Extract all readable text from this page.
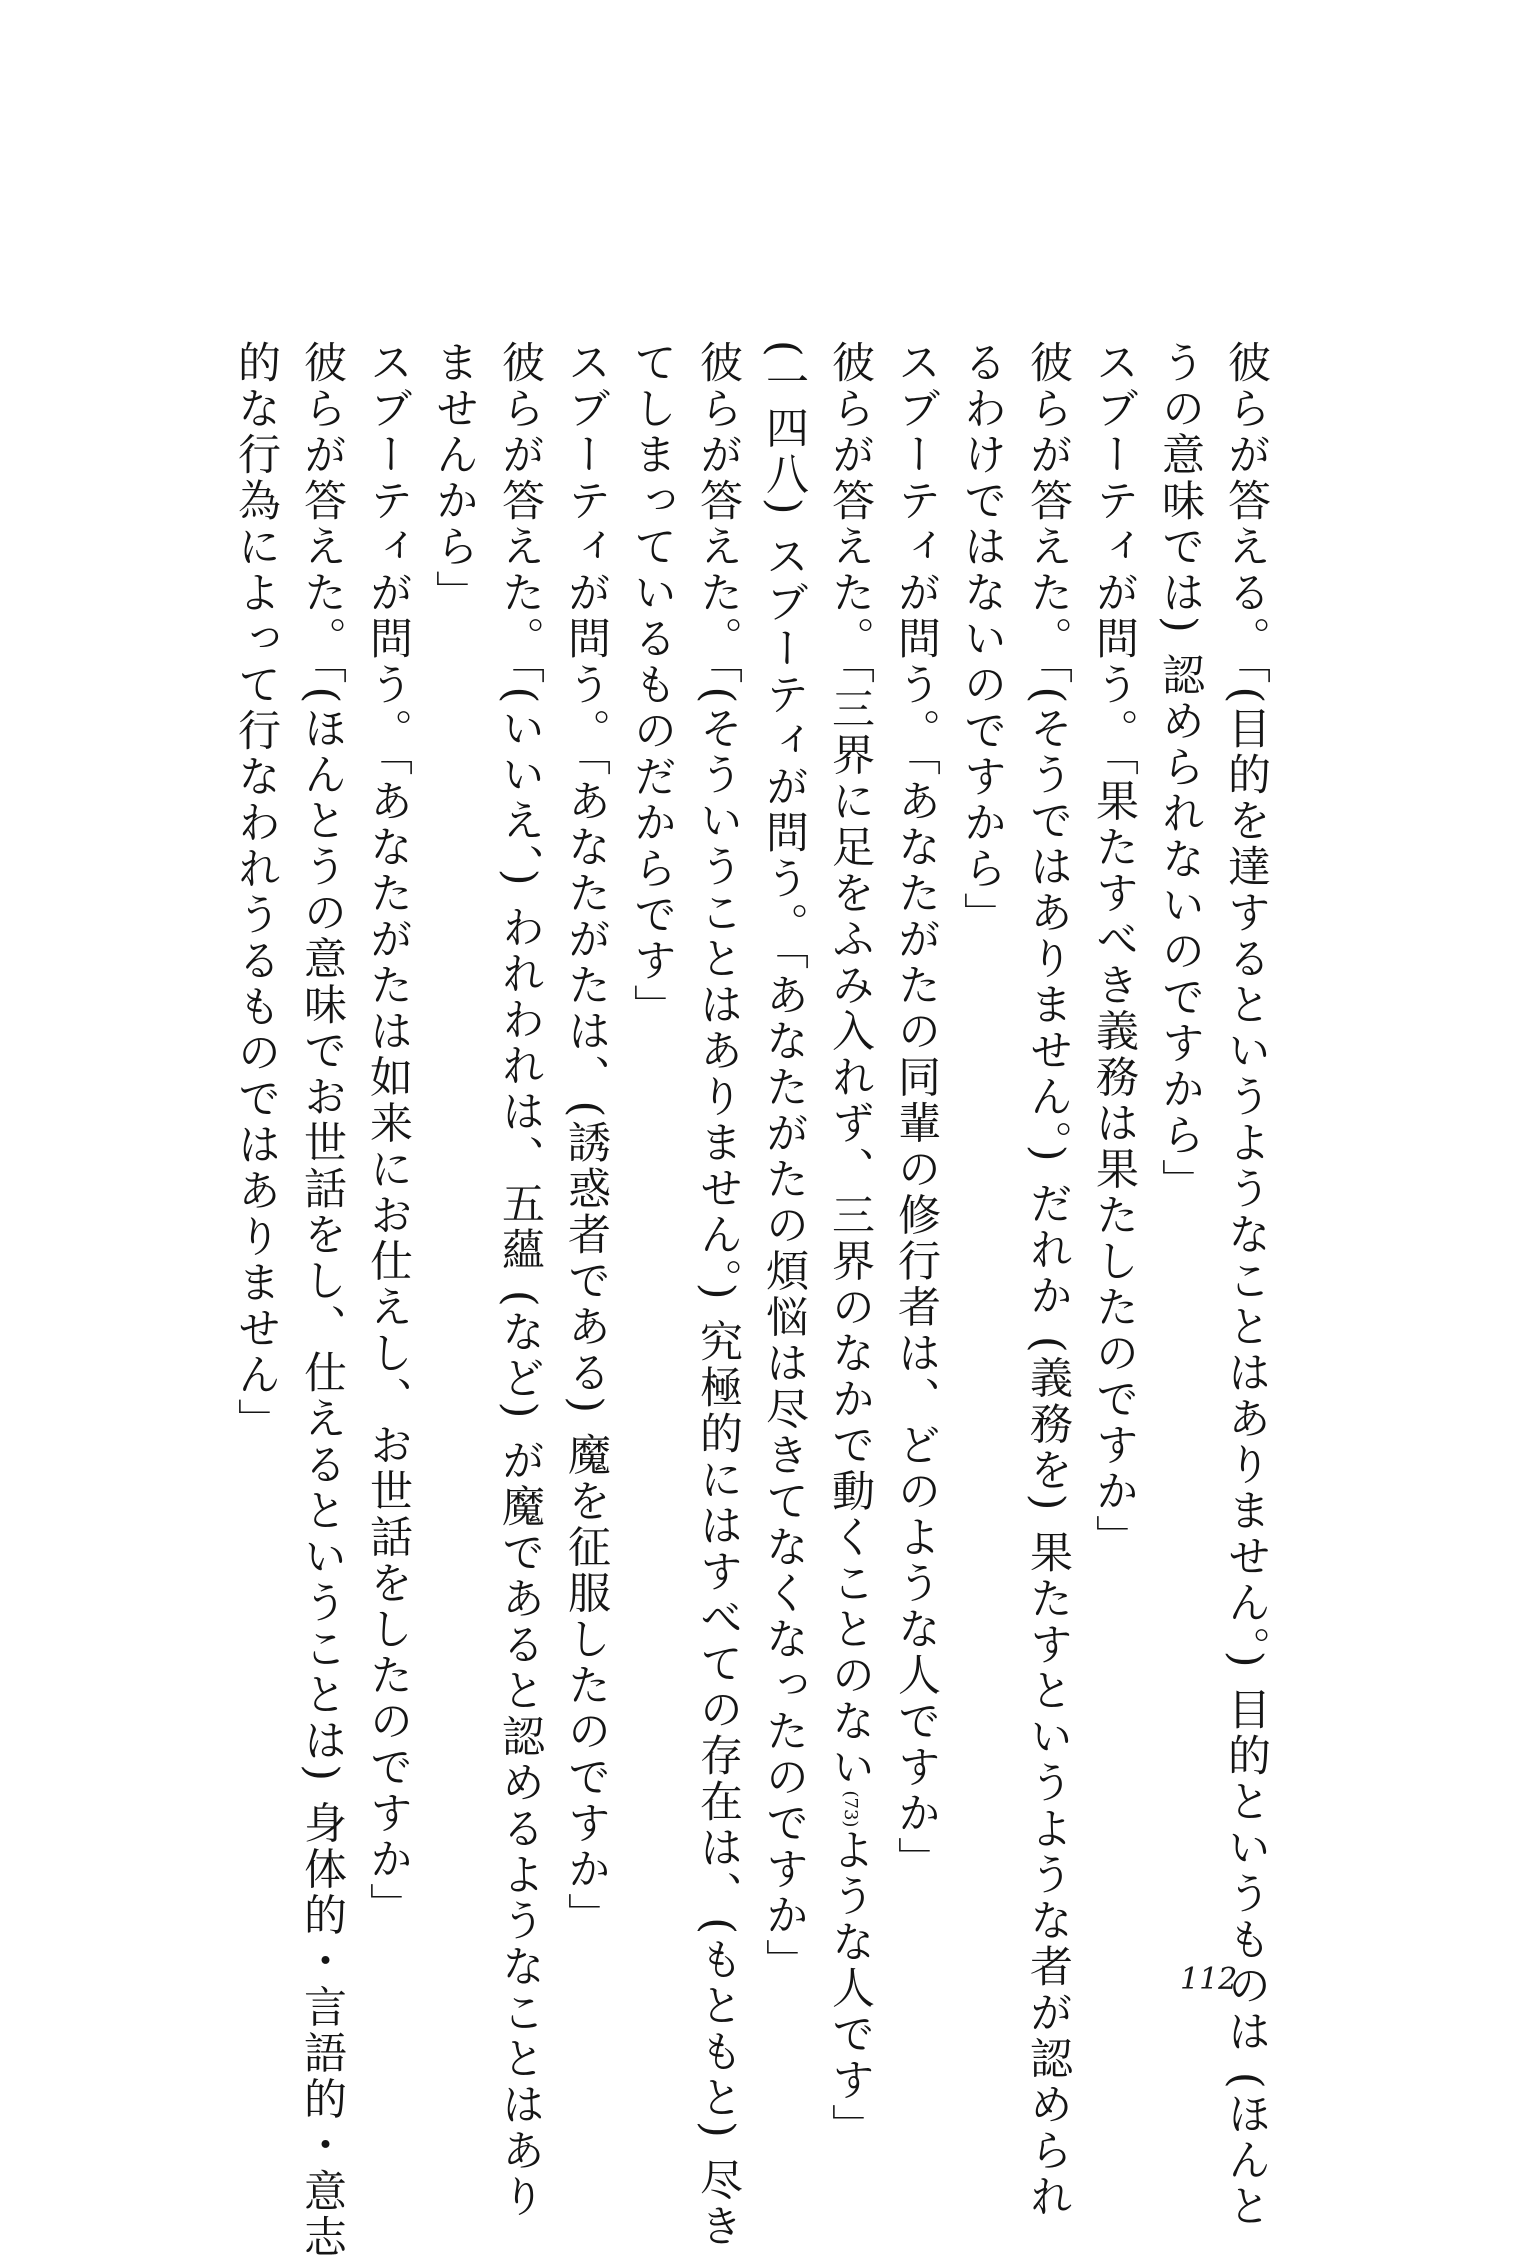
彼らが答える。「(目的を達するというようなことはありません。) 目的というものは (ほんと
うの意味では) 認められないのですから」
スブーティが問う。「果たすべき義務は果たしたのですか」
彼らが答えた。「(そうではありません。) だれか (義務を) 果たすというような者が認められ
るわけではないのですから」
スブーティが問う。「あなたがたの同輩の修行者は、どのような人ですか」
彼らが答えた。「三界に足をふみ入れず、三界のなかで動くことのない(73)ような人です」
(一四八) スブーティが問う。「あなたがたの煩悩は尽きてなくなったのですか」
彼らが答えた。「(そういうことはありません。) 究極的にはすべての存在は、(もともと) 尽き
てしまっているものだからです」
スブーティが問う。「あなたがたは、(誘惑者である) 魔を征服したのですか」
彼らが答えた。「(いいえ、) われわれは、五蘊 (など) が魔であると認めるようなことはあり
ませんから」
スブーティが問う。「あなたがたは如来にお仕えし、お世話をしたのですか」
彼らが答えた。「(ほんとうの意味でお世話をし、仕えるということは) 身体的・言語的・意志
的な行為によって行なわれうるものではありません」
112
